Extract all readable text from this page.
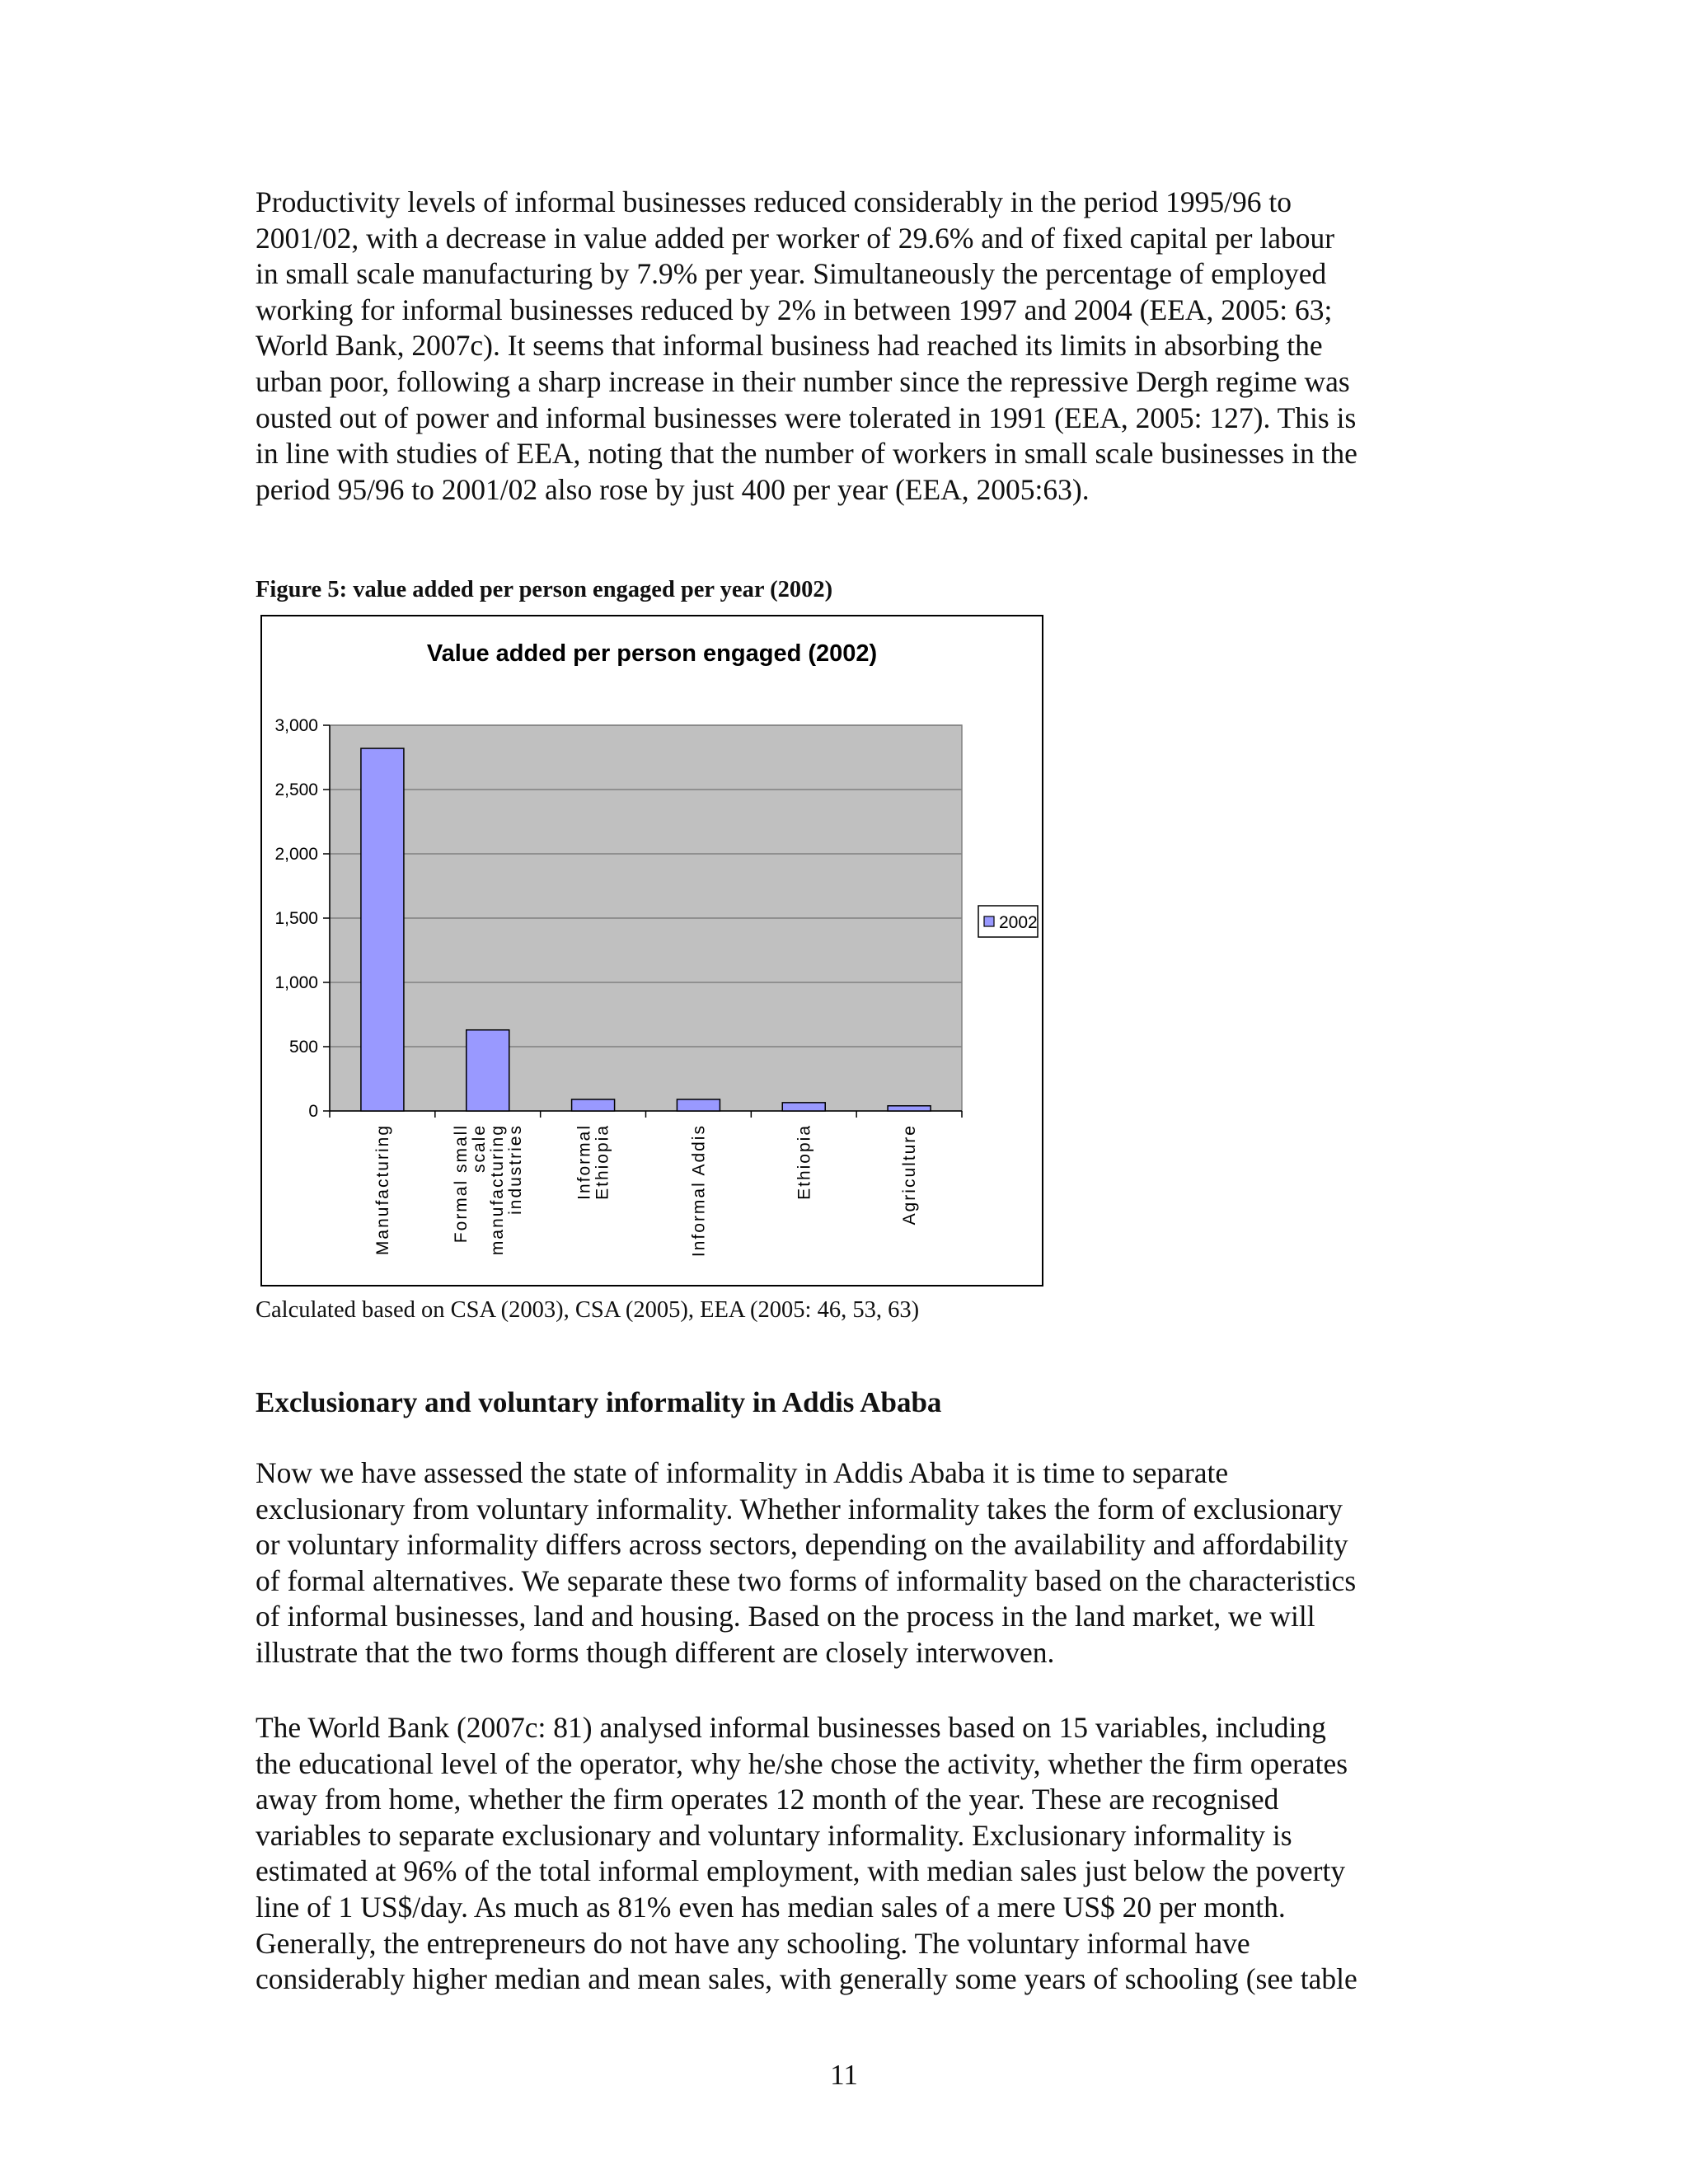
Productivity levels of informal businesses reduced considerably in the period 1995/96 to
2001/02, with a decrease in value added per worker of 29.6% and of fixed capital per labour
in small scale manufacturing by 7.9% per year. Simultaneously the percentage of employed
working for informal businesses reduced by 2% in between 1997 and 2004 (EEA, 2005: 63;
World Bank, 2007c). It seems that informal business had reached its limits in absorbing the
urban poor, following a sharp increase in their number since the repressive Dergh regime was
ousted out of power and informal businesses were tolerated in 1991 (EEA, 2005: 127). This is
in line with studies of EEA, noting that the number of workers in small scale businesses in the
period 95/96 to 2001/02 also rose by just 400 per year (EEA, 2005:63).
Figure 5: value added per person engaged per year (2002)
Value added per person engaged (2002)
0
500
1,000
1,500
2,000
2,500
3,000
Manufacturing	Formal small scale manufacturing industries	Informal Ethiopia	Informal Addis	Ethiopia	Agriculture
2002
Calculated based on CSA (2003), CSA (2005), EEA (2005: 46, 53, 63)
Exclusionary and voluntary informality in Addis Ababa
Now we have assessed the state of informality in Addis Ababa it is time to separate
exclusionary from voluntary informality. Whether informality takes the form of exclusionary
or voluntary informality differs across sectors, depending on the availability and affordability
of formal alternatives. We separate these two forms of informality based on the characteristics
of informal businesses, land and housing. Based on the process in the land market, we will
illustrate that the two forms though different are closely interwoven.
The World Bank (2007c: 81) analysed informal businesses based on 15 variables, including
the educational level of the operator, why he/she chose the activity, whether the firm operates
away from home, whether the firm operates 12 month of the year. These are recognised
variables to separate exclusionary and voluntary informality. Exclusionary informality is
estimated at 96% of the total informal employment, with median sales just below the poverty
line of 1 US$/day. As much as 81% even has median sales of a mere US$ 20 per month.
Generally, the entrepreneurs do not have any schooling. The voluntary informal have
considerably higher median and mean sales, with generally some years of schooling (see table
11
